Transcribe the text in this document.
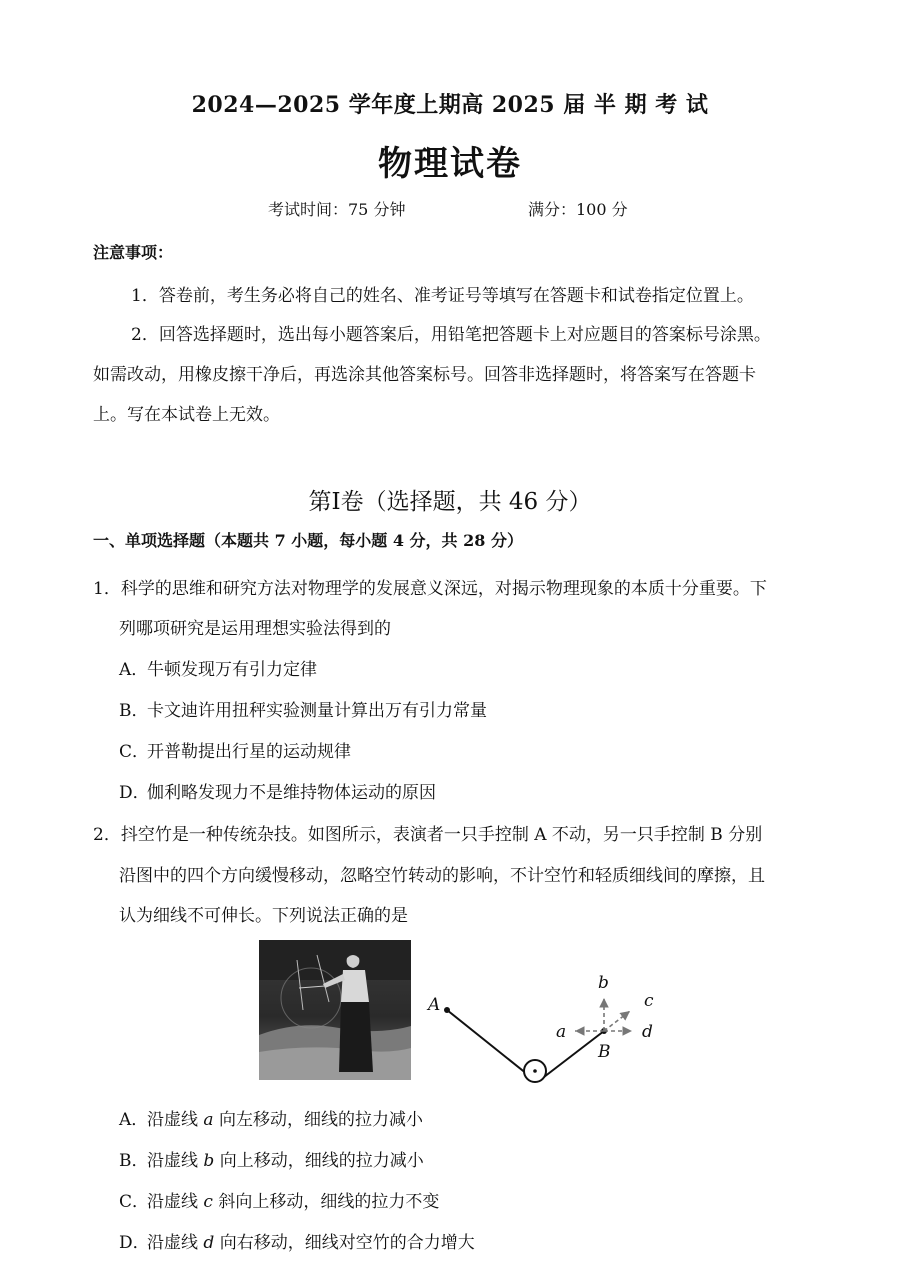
2024—2025 学年度上期高 2025 届 半 期 考 试
物理试卷
考试时间：75 分钟	满分：100 分
注意事项：
1．答卷前，考生务必将自己的姓名、准考证号等填写在答题卡和试卷指定位置上。
2．回答选择题时，选出每小题答案后，用铅笔把答题卡上对应题目的答案标号涂黑。
如需改动，用橡皮擦干净后，再选涂其他答案标号。回答非选择题时，将答案写在答题卡
上。写在本试卷上无效。
第I卷（选择题，共 46 分）
一、单项选择题（本题共 7 小题，每小题 4 分，共 28 分）
1．科学的思维和研究方法对物理学的发展意义深远，对揭示物理现象的本质十分重要。下
列哪项研究是运用理想实验法得到的
A．牛顿发现万有引力定律
B．卡文迪许用扭秤实验测量计算出万有引力常量
C．开普勒提出行星的运动规律
D．伽利略发现力不是维持物体运动的原因
2．抖空竹是一种传统杂技。如图所示，表演者一只手控制 A 不动，另一只手控制 B 分别
沿图中的四个方向缓慢移动，忽略空竹转动的影响，不计空竹和轻质细线间的摩擦，且
认为细线不可伸长。下列说法正确的是
A
B
a
b
c
d
A．沿虚线 a 向左移动，细线的拉力减小
B．沿虚线 b 向上移动，细线的拉力减小
C．沿虚线 c 斜向上移动，细线的拉力不变
D．沿虚线 d 向右移动，细线对空竹的合力增大
